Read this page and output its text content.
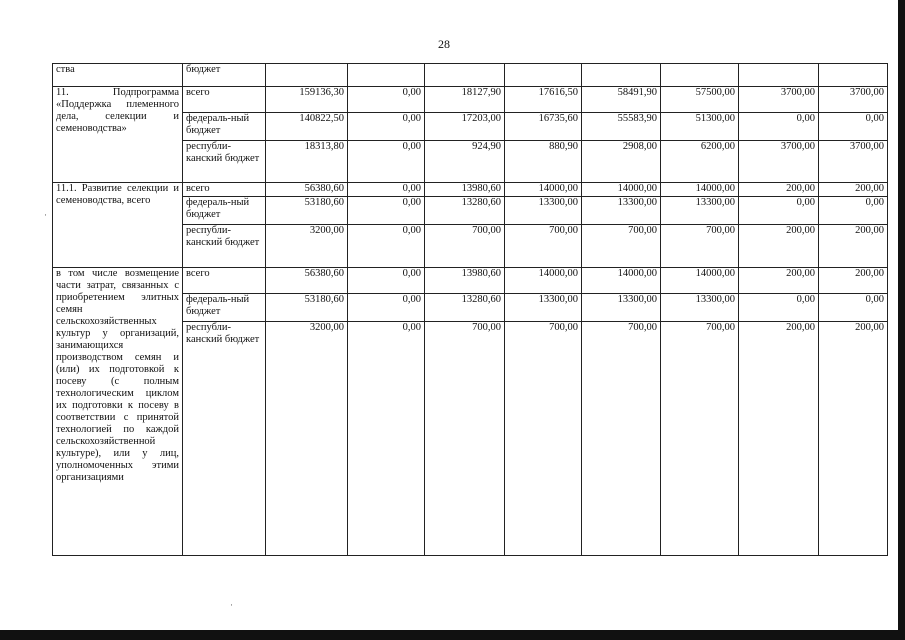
28
ства	бюджет								
11. Подпрограмма «Поддержка племенного дела, селекции и семеноводства»	всего	159136,30	0,00	18127,90	17616,50	58491,90	57500,00	3700,00	3700,00
	федераль-ный бюджет	140822,50	0,00	17203,00	16735,60	55583,90	51300,00	0,00	0,00
	республи-канский бюджет	18313,80	0,00	924,90	880,90	2908,00	6200,00	3700,00	3700,00
11.1. Развитие селекции и семеноводства, всего	всего	56380,60	0,00	13980,60	14000,00	14000,00	14000,00	200,00	200,00
	федераль-ный бюджет	53180,60	0,00	13280,60	13300,00	13300,00	13300,00	0,00	0,00
	республи-канский бюджет	3200,00	0,00	700,00	700,00	700,00	700,00	200,00	200,00
в том числе возмещение части затрат, связанных с приобретением элитных семян сельскохозяйственных культур у организаций, занимающихся производством семян и (или) их подготовкой к посеву (с полным технологическим циклом их подготовки к посеву в соответствии с принятой технологией по каждой сельскохозяйственной культуре), или у лиц, уполномоченных этими организациями	всего	56380,60	0,00	13980,60	14000,00	14000,00	14000,00	200,00	200,00
	федераль-ный бюджет	53180,60	0,00	13280,60	13300,00	13300,00	13300,00	0,00	0,00
	республи-канский бюджет	3200,00	0,00	700,00	700,00	700,00	700,00	200,00	200,00
·
·
